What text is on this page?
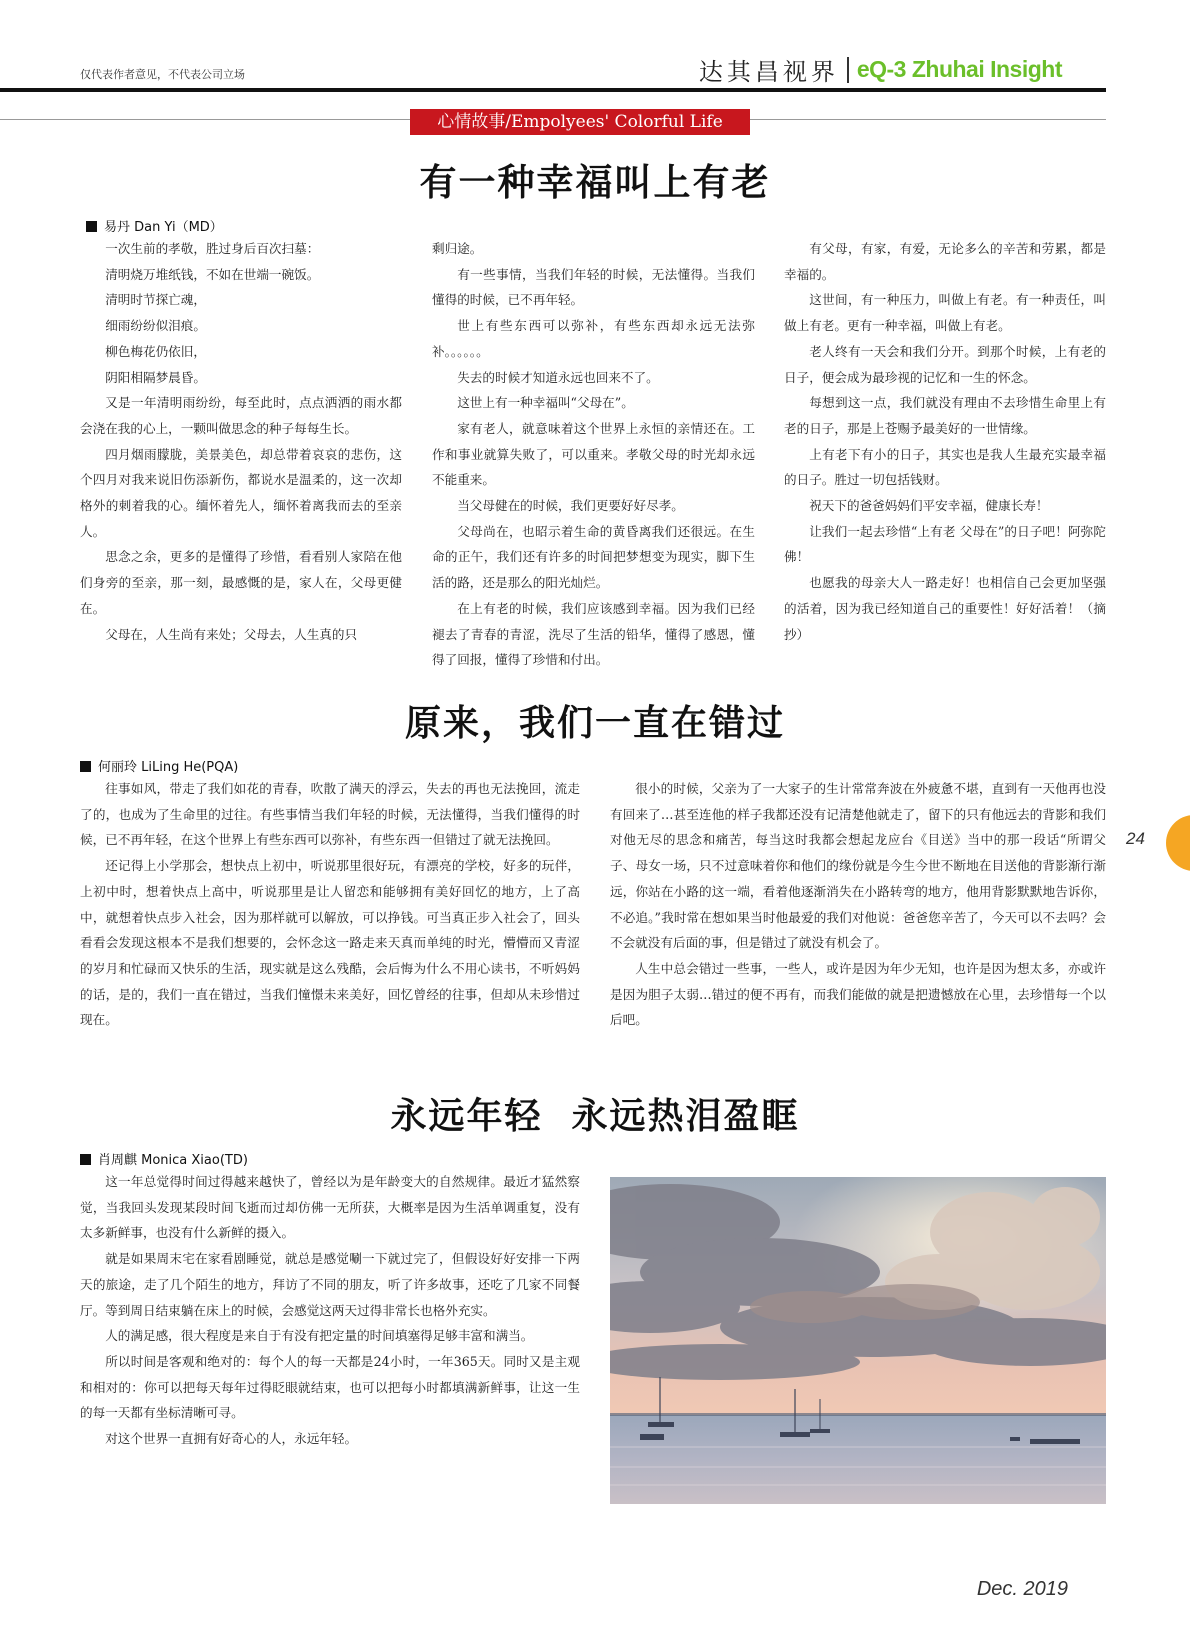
仅代表作者意见，不代表公司立场	达其昌视界 eQ-3 Zhuhai Insight
心情故事/Empolyees' Colorful Life
有一种幸福叫上有老
易丹 Dan Yi（MD）

一次生前的孝敬，胜过身后百次扫墓：

清明烧万堆纸钱，不如在世端一碗饭。

清明时节探亡魂，

细雨纷纷似泪痕。

柳色梅花仍依旧，

阴阳相隔梦晨昏。

又是一年清明雨纷纷，每至此时，点点洒洒的雨水都会浇在我的心上，一颗叫做思念的种子每每生长。

四月烟雨朦胧，美景美色，却总带着哀哀的悲伤，这个四月对我来说旧伤添新伤，都说水是温柔的，这一次却格外的刺着我的心。缅怀着先人，缅怀着离我而去的至亲人。

思念之余，更多的是懂得了珍惜，看看别人家陪在他们身旁的至亲，那一刻，最感慨的是，家人在，父母更健在。

父母在，人生尚有来处；父母去，人生真的只

剩归途。

有一些事情，当我们年轻的时候，无法懂得。当我们懂得的时候，已不再年轻。

世上有些东西可以弥补，有些东西却永远无法弥补。。。。。。

失去的时候才知道永远也回来不了。

这世上有一种幸福叫“父母在”。

家有老人，就意味着这个世界上永恒的亲情还在。工作和事业就算失败了，可以重来。孝敬父母的时光却永远不能重来。

当父母健在的时候，我们更要好好尽孝。

父母尚在，也昭示着生命的黄昏离我们还很远。在生命的正午，我们还有许多的时间把梦想变为现实，脚下生活的路，还是那么的阳光灿烂。

在上有老的时候，我们应该感到幸福。因为我们已经褪去了青春的青涩，洗尽了生活的铅华，懂得了感恩，懂得了回报，懂得了珍惜和付出。

有父母，有家，有爱，无论多么的辛苦和劳累，都是幸福的。

这世间，有一种压力，叫做上有老。有一种责任，叫做上有老。更有一种幸福，叫做上有老。

老人终有一天会和我们分开。到那个时候，上有老的日子，便会成为最珍视的记忆和一生的怀念。

每想到这一点，我们就没有理由不去珍惜生命里上有老的日子，那是上苍赐予最美好的一世情缘。

上有老下有小的日子，其实也是我人生最充实最幸福的日子。胜过一切包括钱财。

祝天下的爸爸妈妈们平安幸福，健康长寿！

让我们一起去珍惜“上有老 父母在”的日子吧！阿弥陀佛！

也愿我的母亲大人一路走好！也相信自己会更加坚强的活着，因为我已经知道自己的重要性！好好活着！（摘抄）

原来，我们一直在错过
何丽玲 LiLing He(PQA)

往事如风，带走了我们如花的青春，吹散了满天的浮云，失去的再也无法挽回，流走了的，也成为了生命里的过往。有些事情当我们年轻的时候，无法懂得，当我们懂得的时候，已不再年轻，在这个世界上有些东西可以弥补，有些东西一但错过了就无法挽回。

还记得上小学那会，想快点上初中，听说那里很好玩，有漂亮的学校，好多的玩伴，上初中时，想着快点上高中，听说那里是让人留恋和能够拥有美好回忆的地方，上了高中，就想着快点步入社会，因为那样就可以解放，可以挣钱。可当真正步入社会了，回头看看会发现这根本不是我们想要的，会怀念这一路走来天真而单纯的时光，懵懵而又青涩的岁月和忙碌而又快乐的生活，现实就是这么残酷，会后悔为什么不用心读书，不听妈妈的话，是的，我们一直在错过，当我们憧憬未来美好，回忆曾经的往事，但却从未珍惜过现在。

很小的时候，父亲为了一大家子的生计常常奔波在外疲惫不堪，直到有一天他再也没有回来了…甚至连他的样子我都还没有记清楚他就走了，留下的只有他远去的背影和我们对他无尽的思念和痛苦，每当这时我都会想起龙应台《目送》当中的那一段话“所谓父子、母女一场，只不过意味着你和他们的缘份就是今生今世不断地在目送他的背影渐行渐远，你站在小路的这一端，看着他逐渐消失在小路转弯的地方，他用背影默默地告诉你，不必追。”我时常在想如果当时他最爱的我们对他说：爸爸您辛苦了，今天可以不去吗？会不会就没有后面的事，但是错过了就没有机会了。

人生中总会错过一些事，一些人，或许是因为年少无知，也许是因为想太多，亦或许是因为胆子太弱…错过的便不再有，而我们能做的就是把遗憾放在心里，去珍惜每一个以后吧。

永远年轻  永远热泪盈眶
肖周麒 Monica Xiao(TD)

这一年总觉得时间过得越来越快了，曾经以为是年龄变大的自然规律。最近才猛然察觉，当我回头发现某段时间飞逝而过却仿佛一无所获，大概率是因为生活单调重复，没有太多新鲜事，也没有什么新鲜的摄入。

就是如果周末宅在家看剧睡觉，就总是感觉唰一下就过完了，但假设好好安排一下两天的旅途，走了几个陌生的地方，拜访了不同的朋友，听了许多故事，还吃了几家不同餐厅。等到周日结束躺在床上的时候，会感觉这两天过得非常长也格外充实。

人的满足感，很大程度是来自于有没有把定量的时间填塞得足够丰富和满当。

所以时间是客观和绝对的：每个人的每一天都是24小时，一年365天。同时又是主观和相对的：你可以把每天每年过得眨眼就结束，也可以把每小时都填满新鲜事，让这一生的每一天都有坐标清晰可寻。

对这个世界一直拥有好奇心的人，永远年轻。

24
Dec. 2019
